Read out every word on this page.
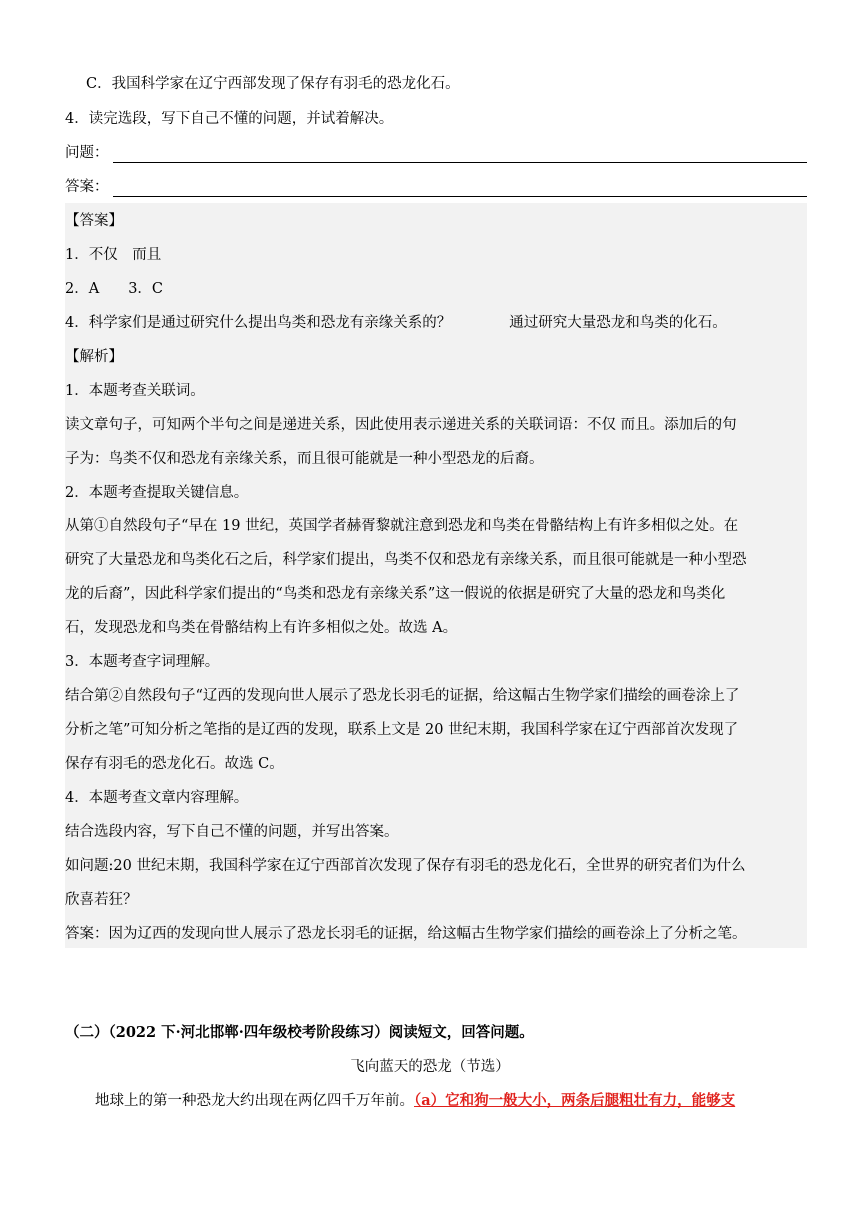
C．我国科学家在辽宁西部发现了保存有羽毛的恐龙化石。
4．读完选段，写下自己不懂的问题，并试着解决。
问题：
答案：
【答案】
1．不仅　而且
2．A　　3．C
4．科学家们是通过研究什么提出鸟类和恐龙有亲缘关系的？	通过研究大量恐龙和鸟类的化石。
【解析】
1．本题考查关联词。
读文章句子，可知两个半句之间是递进关系，因此使用表示递进关系的关联词语：不仅 而且。添加后的句
子为：鸟类不仅和恐龙有亲缘关系，而且很可能就是一种小型恐龙的后裔。
2．本题考查提取关键信息。
从第①自然段句子“早在 19 世纪，英国学者赫胥黎就注意到恐龙和鸟类在骨骼结构上有许多相似之处。在
研究了大量恐龙和鸟类化石之后，科学家们提出，鸟类不仅和恐龙有亲缘关系，而且很可能就是一种小型恐
龙的后裔”，因此科学家们提出的“鸟类和恐龙有亲缘关系”这一假说的依据是研究了大量的恐龙和鸟类化
石，发现恐龙和鸟类在骨骼结构上有许多相似之处。故选 A。
3．本题考查字词理解。
结合第②自然段句子“辽西的发现向世人展示了恐龙长羽毛的证据，给这幅古生物学家们描绘的画卷涂上了
分析之笔”可知分析之笔指的是辽西的发现，联系上文是 20 世纪末期，我国科学家在辽宁西部首次发现了
保存有羽毛的恐龙化石。故选 C。
4．本题考查文章内容理解。
结合选段内容，写下自己不懂的问题，并写出答案。
如问题:20 世纪末期，我国科学家在辽宁西部首次发现了保存有羽毛的恐龙化石，全世界的研究者们为什么
欣喜若狂？
答案：因为辽西的发现向世人展示了恐龙长羽毛的证据，给这幅古生物学家们描绘的画卷涂上了分析之笔。
（二）（2022 下·河北邯郸·四年级校考阶段练习）阅读短文，回答问题。
飞向蓝天的恐龙（节选）
地球上的第一种恐龙大约出现在两亿四千万年前。（a）它和狗一般大小，两条后腿粗壮有力，能够支
